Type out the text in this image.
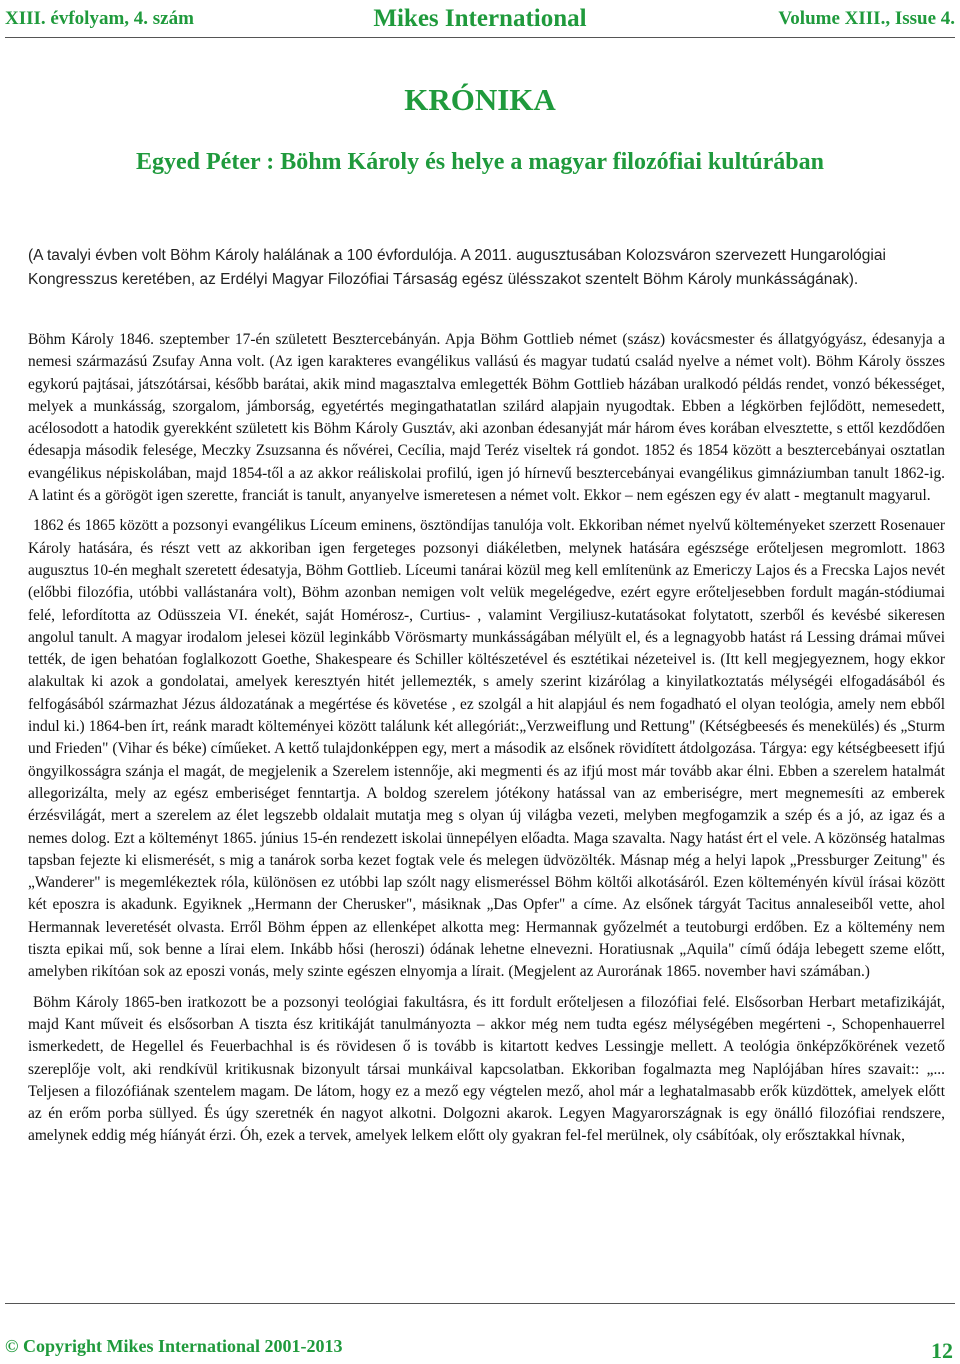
XIII. évfolyam, 4. szám	Mikes International	Volume XIII., Issue 4.
KRÓNIKA
Egyed Péter : Böhm Károly és helye a magyar filozófiai kultúrában
(A tavalyi évben volt Böhm Károly halálának a 100 évfordulója. A 2011. augusztusában Kolozsváron szervezett Hungarológiai Kongresszus keretében, az Erdélyi Magyar Filozófiai Társaság egész ülésszakot szentelt Böhm Károly munkásságának).

Böhm Károly 1846. szeptember 17-én született Besztercebányán. Apja Böhm Gottlieb német (szász) kovácsmester és állatgyógyász, édesanyja a nemesi származású Zsufay Anna volt. (Az igen karakteres evangélikus vallású és magyar tudatú család nyelve a német volt). Böhm Károly összes egykorú pajtásai, játszótársai, később barátai, akik mind magasztalva emlegették Böhm Gottlieb házában uralkodó példás rendet, vonzó békességet, melyek a munkásság, szorgalom, jámborság, egyetértés megingathatatlan szilárd alapjain nyugodtak. Ebben a légkörben fejlődött, nemesedett, acélosodott a hatodik gyerekként született kis Böhm Károly Gusztáv, aki azonban édesanyját már három éves korában elvesztette, s ettől kezdődően édesapja második felesége, Meczky Zsuzsanna és nővérei, Cecília, majd Teréz viseltek rá gondot. 1852 és 1854 között a besztercebányai osztatlan evangélikus népiskolában, majd 1854-től a az akkor reáliskolai profilú, igen jó hírnevű besztercebányai evangélikus gimnáziumban tanult 1862-ig. A latint és a görögöt igen szerette, franciát is tanult, anyanyelve ismeretesen a német volt. Ekkor – nem egészen egy év alatt - megtanult magyarul.

1862 és 1865 között a pozsonyi evangélikus Líceum eminens, ösztöndíjas tanulója volt. Ekkoriban német nyelvű költeményeket szerzett Rosenauer Károly hatására, és részt vett az akkoriban igen fergeteges pozsonyi diákéletben, melynek hatására egészsége erőteljesen megromlott. 1863 augusztus 10-én meghalt szeretett édesatyja, Böhm Gottlieb. Líceumi tanárai közül meg kell említenünk az Emericzy Lajos és a Frecska Lajos nevét (előbbi filozófia, utóbbi vallástanára volt), Böhm azonban nemigen volt velük megelégedve, ezért egyre erőteljesebben fordult magán-stódiumai felé, lefordította az Odüsszeia VI. énekét, saját Homérosz-, Curtius- , valamint Vergiliusz-kutatásokat folytatott, szerből és kevésbé sikeresen angolul tanult. A magyar irodalom jelesei közül leginkább Vörösmarty munkásságában mélyült el, és a legnagyobb hatást rá Lessing drámai művei tették, de igen behatóan foglalkozott Goethe, Shakespeare és Schiller költészetével és esztétikai nézeteivel is. (Itt kell megjegyeznem, hogy ekkor alakultak ki azok a gondolatai, amelyek keresztyén hitét jellemezték, s amely szerint kizárólag a kinyilatkoztatás mélységéi elfogadásából és felfogásából származhat Jézus áldozatának a megértése és követése , ez szolgál a hit alapjául és nem fogadható el olyan teológia, amely nem ebből indul ki.) 1864-ben írt, reánk maradt költeményei között találunk két allegóriát:„Verzweiflung und Rettung" (Kétségbeesés és menekülés) és „Sturm und Frieden" (Vihar és béke) címűeket. A kettő tulajdonképpen egy, mert a második az elsőnek rövidített átdolgozása. Tárgya: egy kétségbeesett ifjú öngyilkosságra szánja el magát, de megjelenik a Szerelem istennője, aki megmenti és az ifjú most már tovább akar élni. Ebben a szerelem hatalmát allegorizálta, mely az egész emberiséget fenntartja. A boldog szerelem jótékony hatással van az emberiségre, mert megnemesíti az emberek érzésvilágát, mert a szerelem az élet legszebb oldalait mutatja meg s olyan új világba vezeti, melyben megfogamzik a szép és a jó, az igaz és a nemes dolog. Ezt a költeményt 1865. június 15-én rendezett iskolai ünnepélyen előadta. Maga szavalta. Nagy hatást ért el vele. A közönség hatalmas tapsban fejezte ki elismerését, s mig a tanárok sorba kezet fogtak vele és melegen üdvözölték. Másnap még a helyi lapok „Pressburger Zeitung" és „Wanderer" is megemlékeztek róla, különösen ez utóbbi lap szólt nagy elismeréssel Böhm költői alkotásáról. Ezen költeményén kívül írásai között két eposzra is akadunk. Egyiknek „Hermann der Cherusker", másiknak „Das Opfer" a címe. Az elsőnek tárgyát Tacitus annaleseiből vette, ahol Hermannak leveretését olvasta. Erről Böhm éppen az ellenképet alkotta meg: Hermannak győzelmét a teutoburgi erdőben. Ez a költemény nem tiszta epikai mű, sok benne a lírai elem. Inkább hősi (heroszi) ódának lehetne elnevezni. Horatiusnak „Aquila" című ódája lebegett szeme előtt, amelyben rikítóan sok az eposzi vonás, mely szinte egészen elnyomja a lírait. (Megjelent az Aurorának 1865. november havi számában.)

Böhm Károly 1865-ben iratkozott be a pozsonyi teológiai fakultásra, és itt fordult erőteljesen a filozófiai felé. Elsősorban Herbart metafizikáját, majd Kant műveit és elsősorban A tiszta ész kritikáját tanulmányozta – akkor még nem tudta egész mélységében megérteni -, Schopenhauerrel ismerkedett, de Hegellel és Feuerbachhal is és rövidesen ő is tovább is kitartott kedves Lessingje mellett. A teológia önképzőkörének vezető szereplője volt, aki rendkívül kritikusnak bizonyult társai munkáival kapcsolatban. Ekkoriban fogalmazta meg Naplójában híres szavait:: „... Teljesen a filozófiának szentelem magam. De látom, hogy ez a mező egy végtelen mező, ahol már a leghatalmasabb erők küzdöttek, amelyek előtt az én erőm porba süllyed. És úgy szeretnék én nagyot alkotni. Dolgozni akarok. Legyen Magyarországnak is egy önálló filozófiai rendszere, amelynek eddig még híányát érzi. Óh, ezek a tervek, amelyek lelkem előtt oly gyakran fel-fel merülnek, oly csábítóak, oly erősztakkal hívnak,

© Copyright Mikes International 2001-2013	12
